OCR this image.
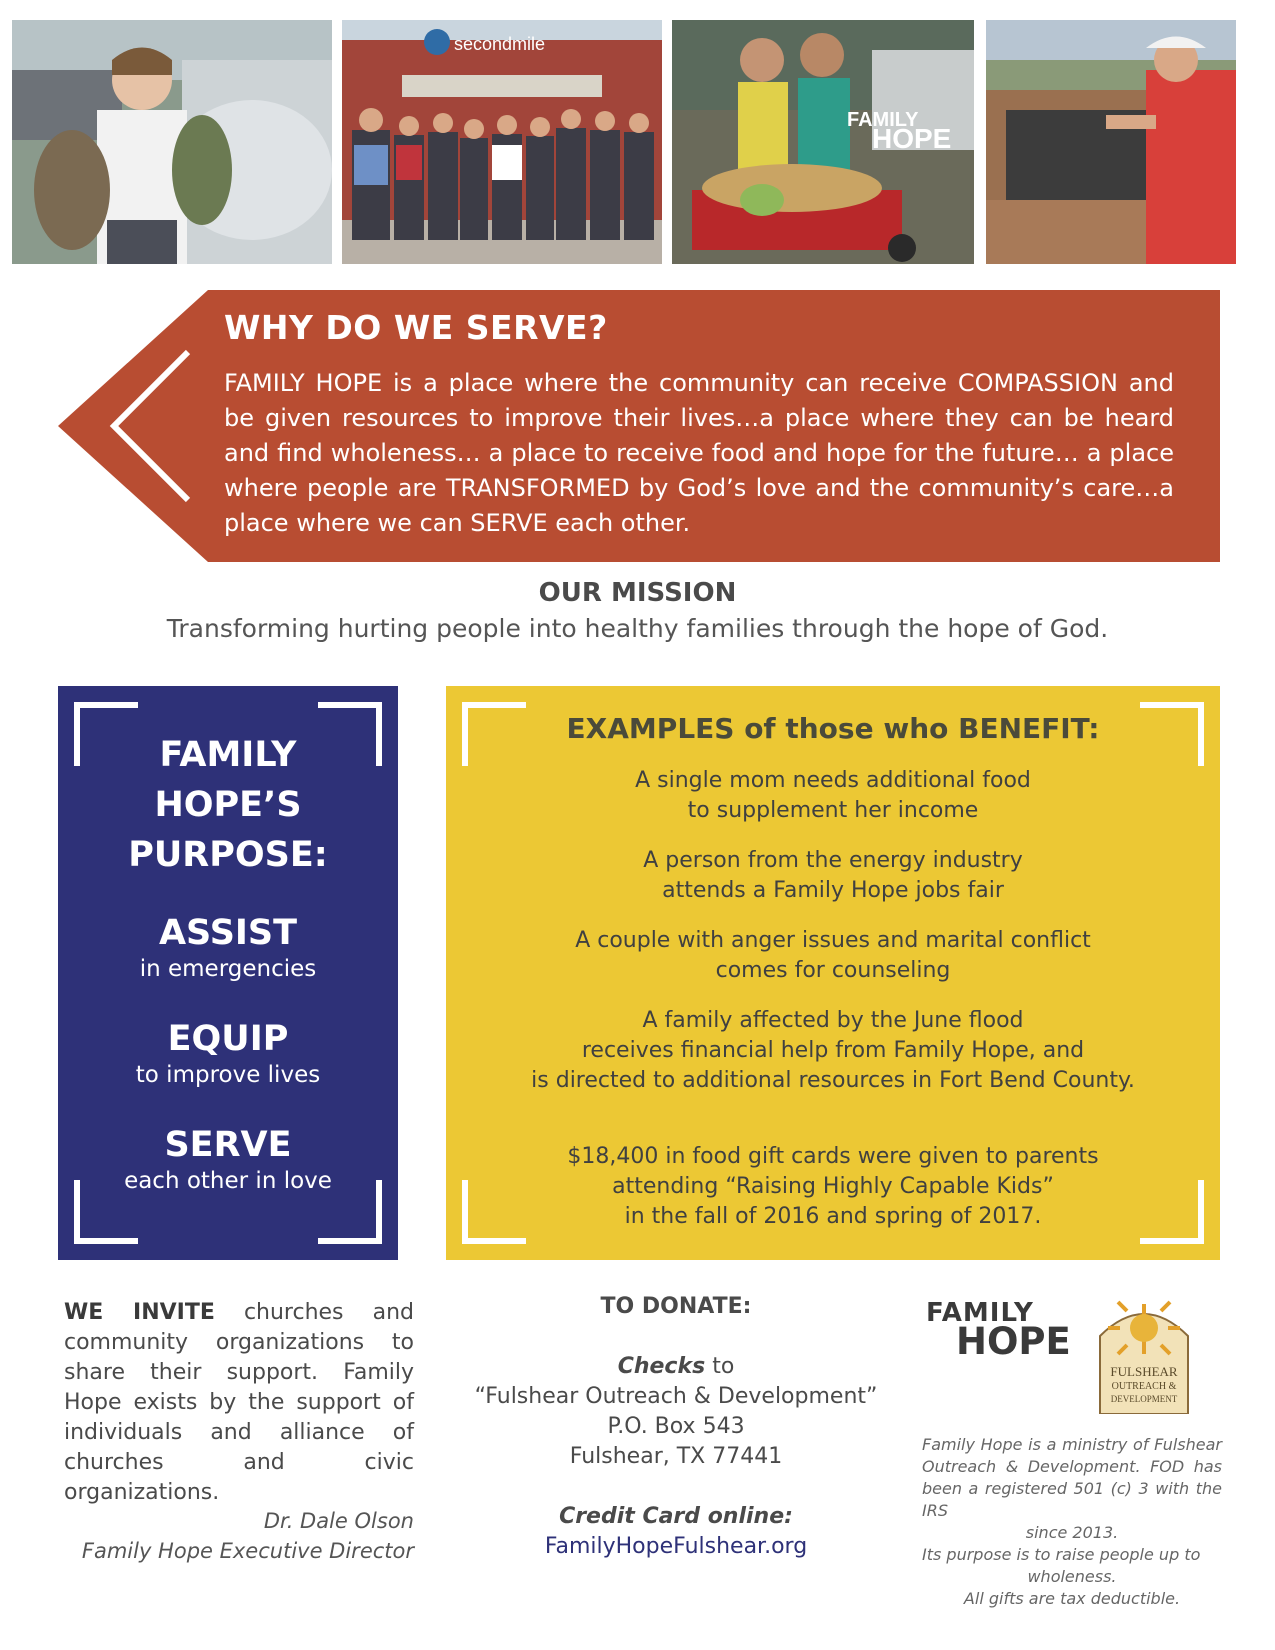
secondmile
FAMILY
HOPE
WHY DO WE SERVE?

FAMILY HOPE is a place where the community can receive COMPASSION and be given resources to improve their lives…a place where they can be heard and find wholeness… a place to receive food and hope for the future… a place where people are TRANSFORMED by God’s love and the community’s care…a place where we can SERVE each other.

OUR MISSION
Transforming hurting people into healthy families through the hope of God.
FAMILY
HOPE’S
PURPOSE:
ASSIST
in emergencies
EQUIP
to improve lives
SERVE
each other in love
EXAMPLES of those who BENEFIT:
A single mom needs additional food
to supplement her income
A person from the energy industry
attends a Family Hope jobs fair
A couple with anger issues and marital conflict
comes for counseling
A family affected by the June flood
receives financial help from Family Hope, and
is directed to additional resources in Fort Bend County.
$18,400 in food gift cards were given to parents
attending “Raising Highly Capable Kids”
in the fall of 2016 and spring of 2017.

WE INVITE churches and community organizations to share their support. Family Hope exists by the support of individuals and alliance of churches and civic organizations.

Dr. Dale Olson
Family Hope Executive Director
TO DONATE:
Checks to
“Fulshear Outreach & Development”
P.O. Box 543
Fulshear, TX 77441
Credit Card online:
FamilyHopeFulshear.org
FAMILY
HOPE
FULSHEAR
OUTREACH &
DEVELOPMENT
Family Hope is a ministry of Fulshear Outreach & Development. FOD has been a registered 501 (c) 3 with the IRS
since 2013.
Its purpose is to raise people up to
wholeness.
All gifts are tax deductible.
